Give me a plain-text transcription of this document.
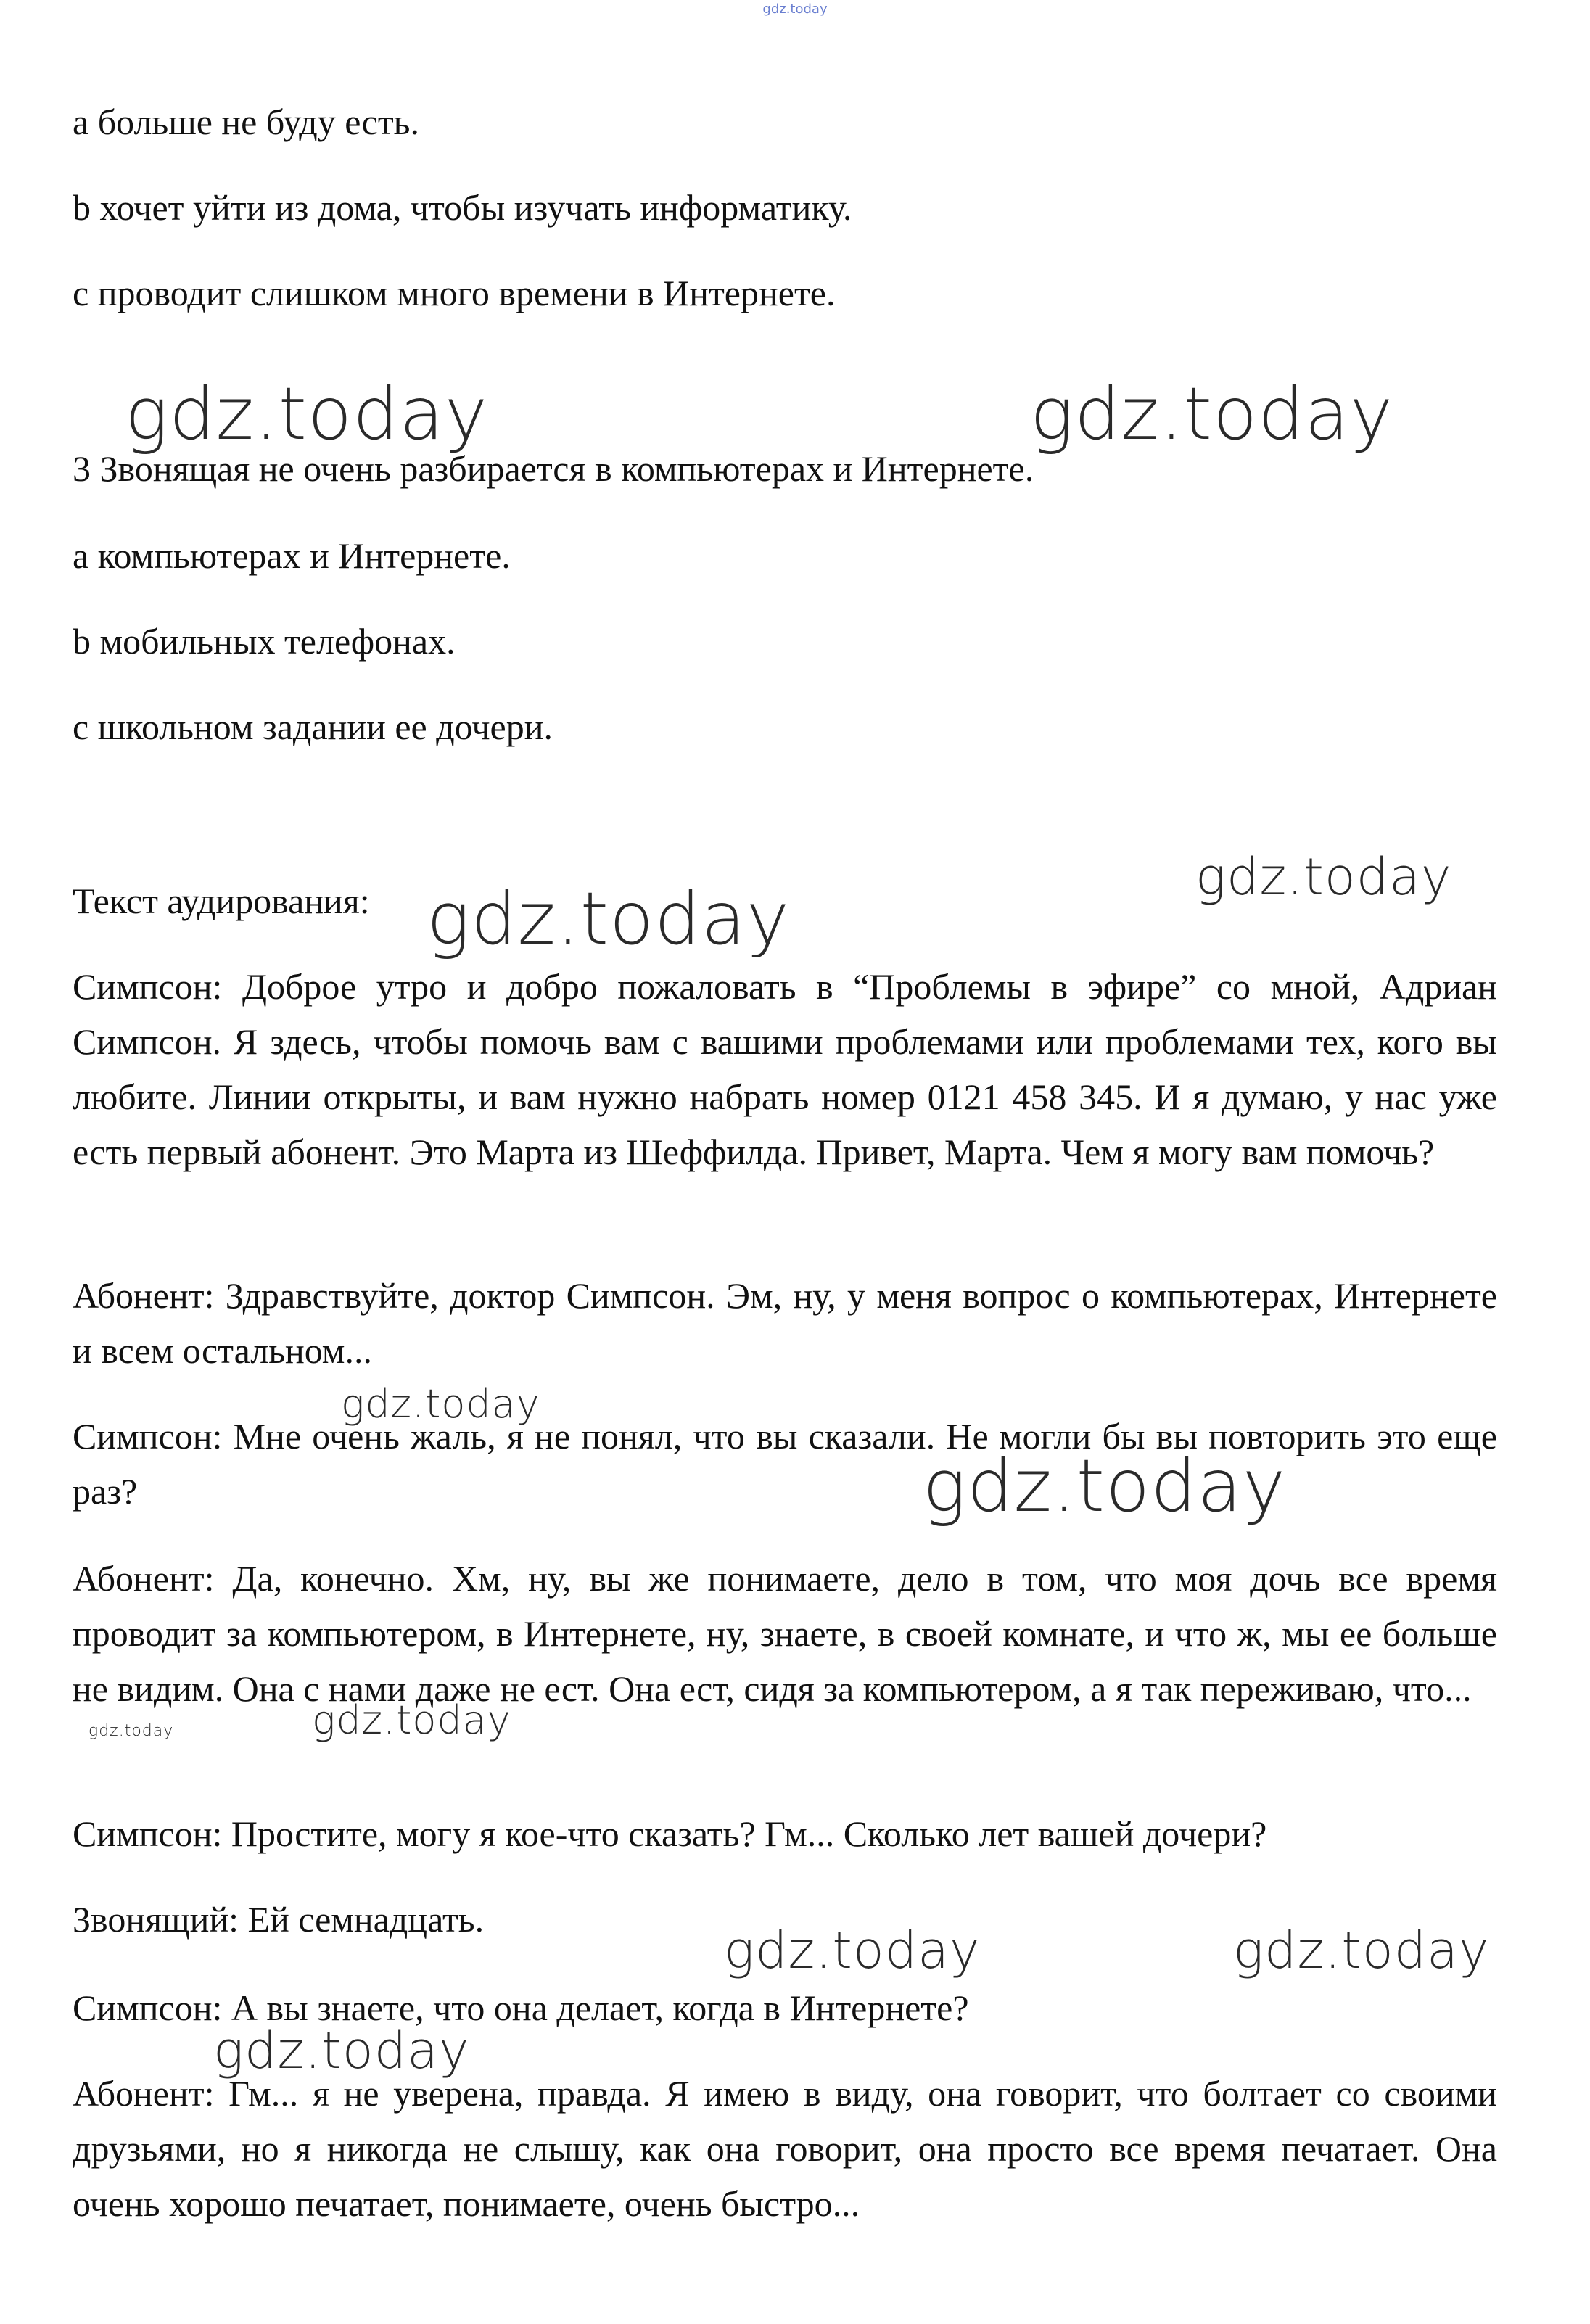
gdz.today
a больше не буду есть.
b хочет уйти из дома, чтобы изучать информатику.
c проводит слишком много времени в Интернете.
3 Звонящая не очень разбирается в компьютерах и Интернете.
a компьютерах и Интернете.
b мобильных телефонах.
c школьном задании ее дочери.
Текст аудирования:
Симпсон: Доброе утро и добро пожаловать в “Проблемы в эфире” со мной, Адриан Симпсон. Я здесь, чтобы помочь вам с вашими проблемами или проблемами тех, кого вы любите. Линии открыты, и вам нужно набрать номер 0121 458 345. И я думаю, у нас уже есть первый абонент. Это Марта из Шеффилда. Привет, Марта. Чем я могу вам помочь?
Абонент: Здравствуйте, доктор Симпсон. Эм, ну, у меня вопрос о компьютерах, Интернете и всем остальном...
Симпсон: Мне очень жаль, я не понял, что вы сказали. Не могли бы вы повторить это еще раз?
Абонент: Да, конечно. Хм, ну, вы же понимаете, дело в том, что моя дочь все время проводит за компьютером, в Интернете, ну, знаете, в своей комнате, и что ж, мы ее больше не видим. Она с нами даже не ест. Она ест, сидя за компьютером, а я так переживаю, что...
Симпсон: Простите, могу я кое-что сказать? Гм... Сколько лет вашей дочери?
Звонящий: Ей семнадцать.
Симпсон: А вы знаете, что она делает, когда в Интернете?
Абонент: Гм... я не уверена, правда. Я имею в виду, она говорит, что болтает со своими друзьями, но я никогда не слышу, как она говорит, она просто все время печатает. Она очень хорошо печатает, понимаете, очень быстро...
gdz.today	gdz.today
gdz.today
gdz.today
gdz.today
gdz.today
gdz.today
gdz.today
gdz.today	gdz.today
gdz.today
